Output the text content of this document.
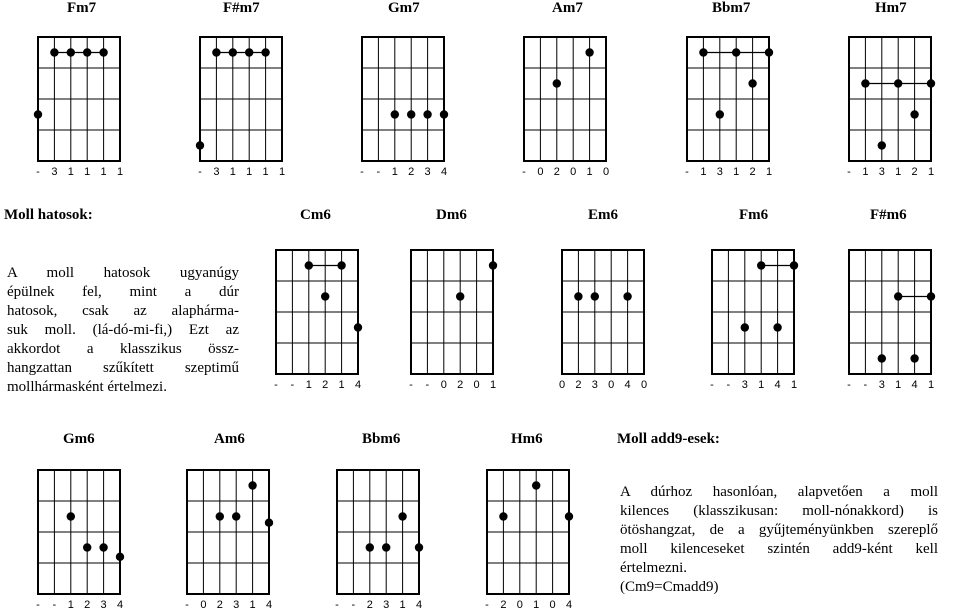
Fm7
-	3 1 1 1 1
F#m7
-	3 1 1 1 1
Gm7
-	-	1 2 3 4
Am7
-	0 2 0 1 0
Bbm7
-	1 3 1 2 1
Hm7
-	1 3 1 2 1
Moll hatosok:
A moll hatosok ugyanúgy
épülnek fel, mint a dúr
hatosok, csak az alaphárma-
suk moll. (lá-dó-mi-fi,) Ezt az
akkordot a klasszikus össz-
hangzattan szűkített szeptimű
mollhármasként értelmezi.
Cm6
-	-	1 2 1 4
Dm6
-	-	0 2 0 1
Em6
0 2 3 0 4 0
Fm6
-	-	3 1 4 1
F#m6
-	-	3 1 4 1
Gm6
-	-	1 2 3 4
Am6
-	0 2 3 1 4
Bbm6
-	-	2 3 1 4
Hm6
-	2 0 1 0 4
Moll add9-esek:
A dúrhoz hasonlóan, alapvetően a moll
kilences (klasszikusan: moll-nónakkord) is
ötöshangzat, de a gyűjteményünkben szereplő
moll kilenceseket szintén add9-ként kell
értelmezni.
(Cm9=Cmadd9)
